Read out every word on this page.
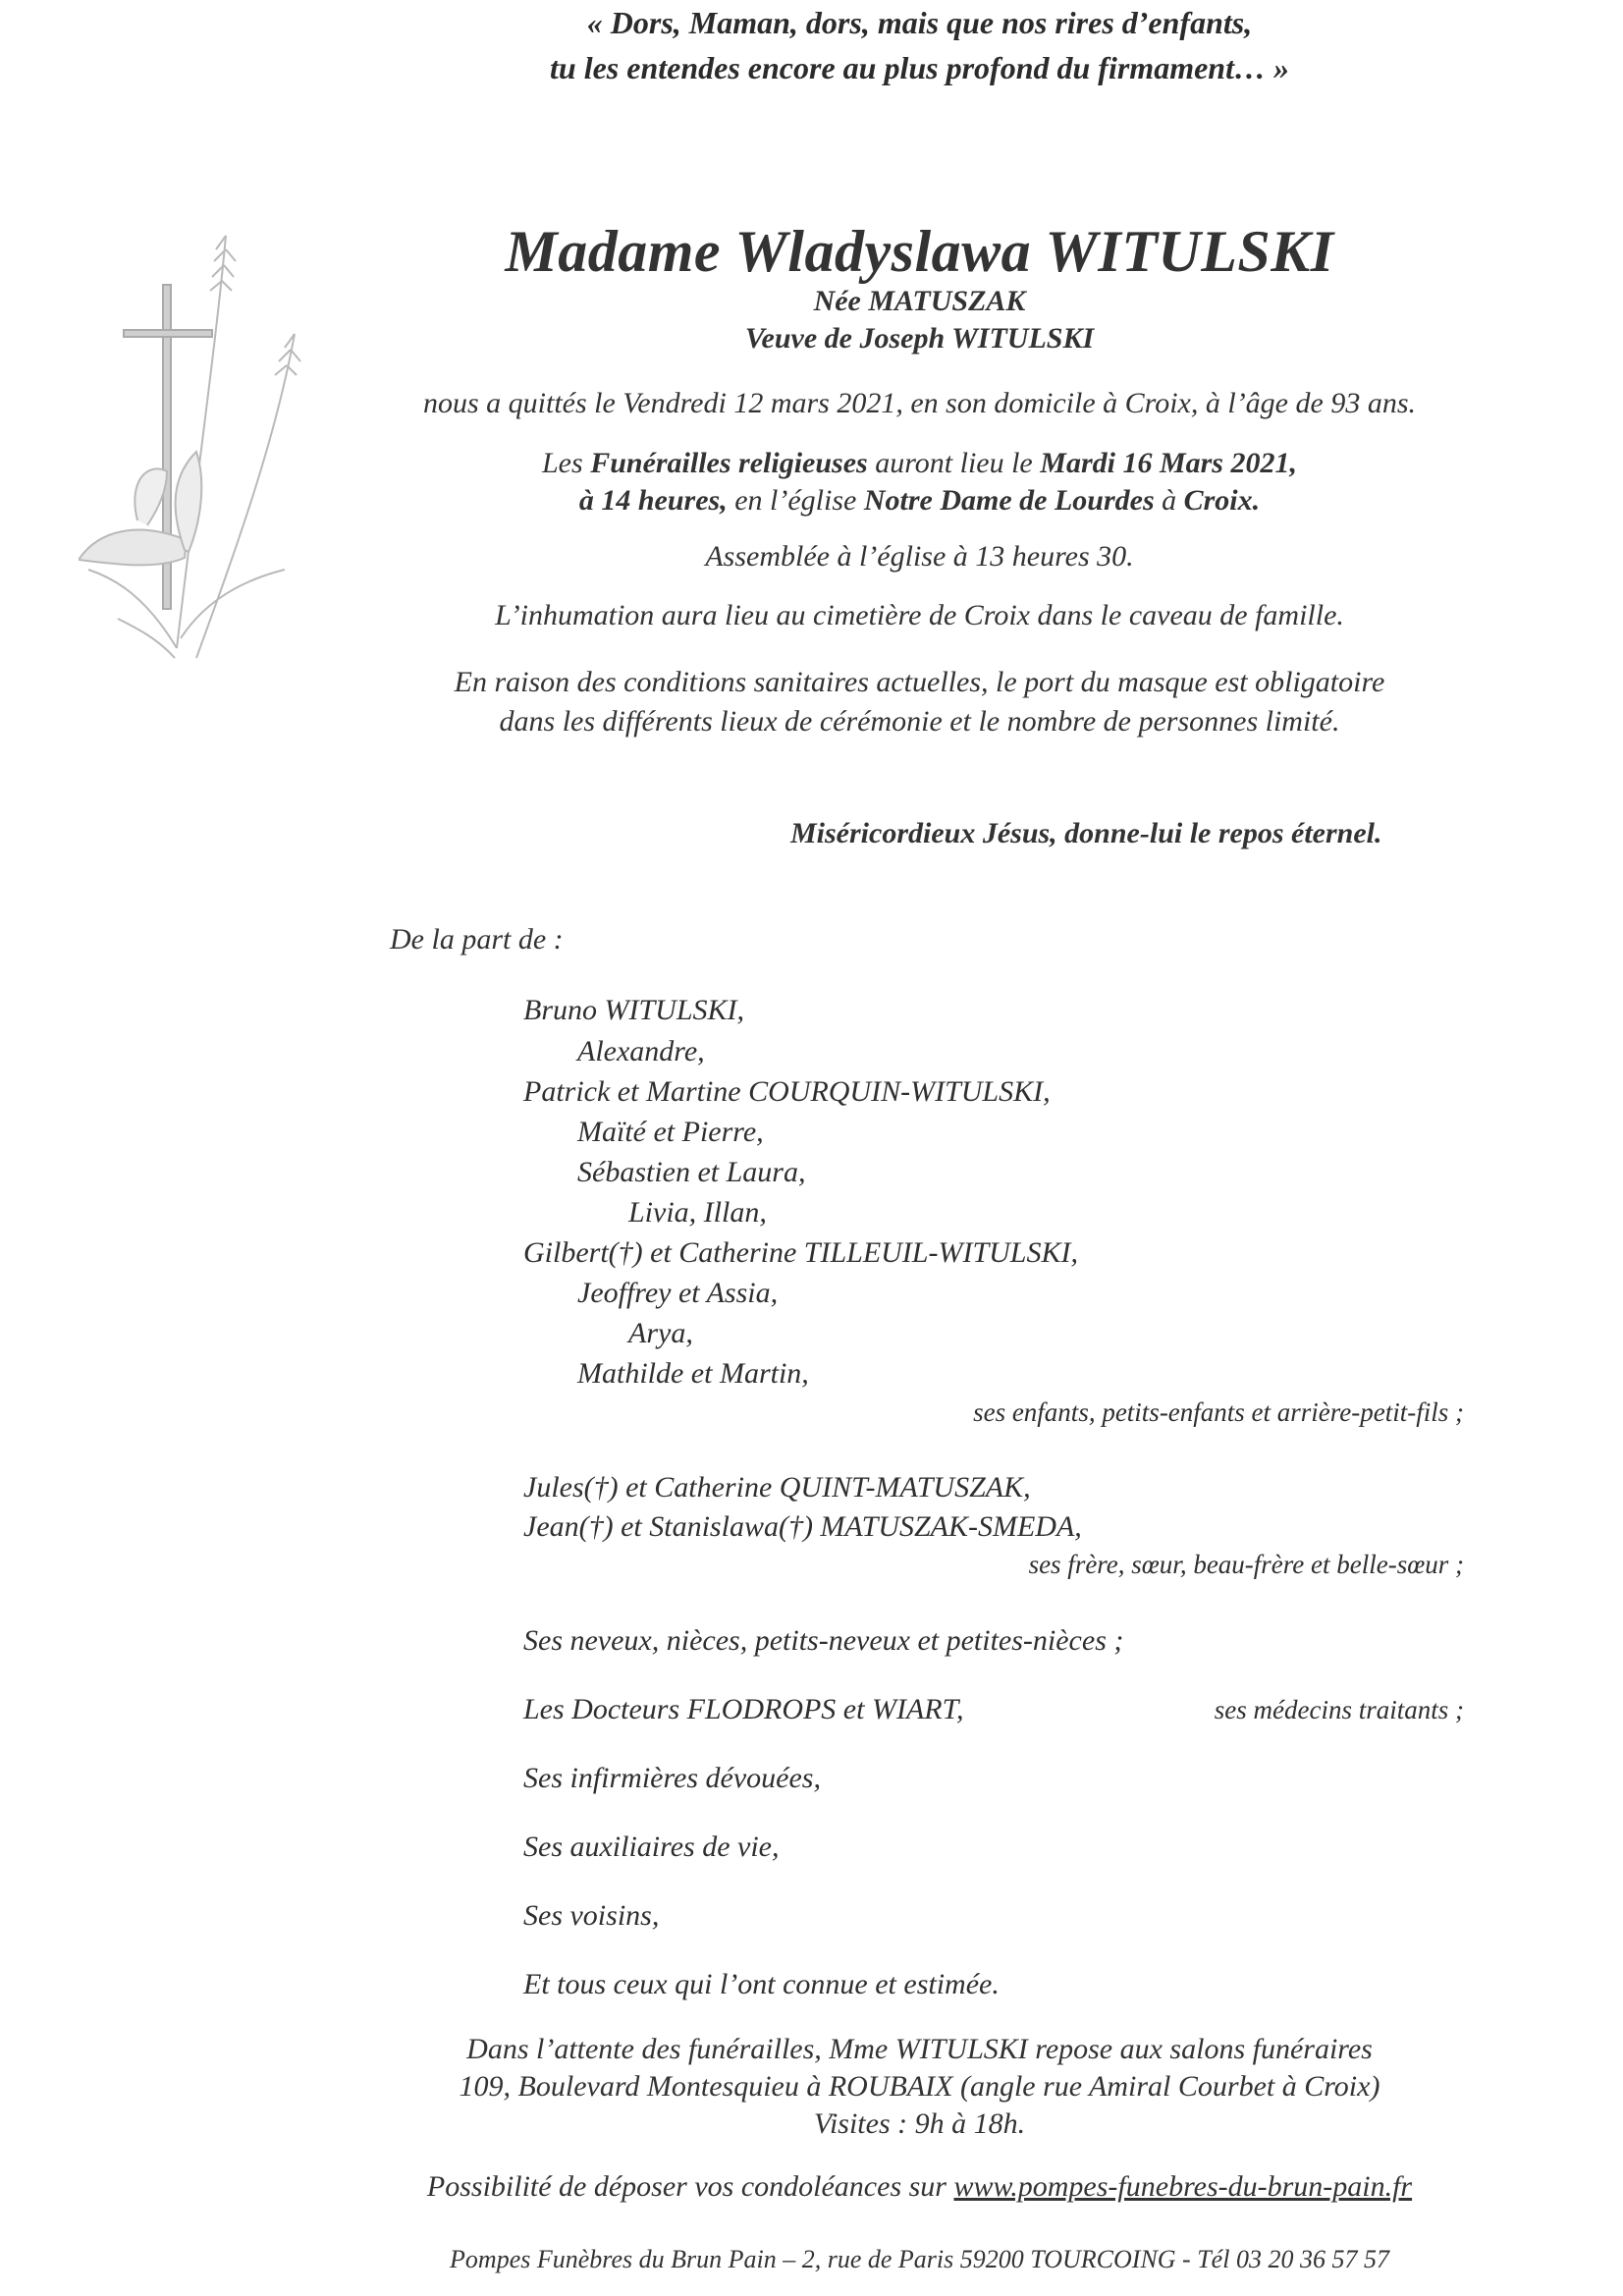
« Dors, Maman, dors, mais que nos rires d’enfants,
tu les entendes encore au plus profond du firmament… »
Madame Wladyslawa WITULSKI
Née MATUSZAK
Veuve de Joseph WITULSKI
nous a quittés le Vendredi 12 mars 2021, en son domicile à Croix, à l’âge de 93 ans.
Les Funérailles religieuses auront lieu le Mardi 16 Mars 2021,
à 14 heures, en l’église Notre Dame de Lourdes à Croix.
Assemblée à l’église à 13 heures 30.
L’inhumation aura lieu au cimetière de Croix dans le caveau de famille.
En raison des conditions sanitaires actuelles, le port du masque est obligatoire
dans les différents lieux de cérémonie et le nombre de personnes limité.
Miséricordieux Jésus, donne-lui le repos éternel.
De la part de :
Bruno WITULSKI,
Alexandre,
Patrick et Martine COURQUIN-WITULSKI,
Maïté et Pierre,
Sébastien et Laura,
Livia, Illan,
Gilbert(†) et Catherine TILLEUIL-WITULSKI,
Jeoffrey et Assia,
Arya,
Mathilde et Martin,
ses enfants, petits-enfants et arrière-petit-fils ;
Jules(†) et Catherine QUINT-MATUSZAK,
Jean(†) et Stanislawa(†) MATUSZAK-SMEDA,
ses frère, sœur, beau-frère et belle-sœur ;
Ses neveux, nièces, petits-neveux et petites-nièces ;
Les Docteurs FLODROPS et WIART,	ses médecins traitants ;
Ses infirmières dévouées,
Ses auxiliaires de vie,
Ses voisins,
Et tous ceux qui l’ont connue et estimée.
Dans l’attente des funérailles, Mme WITULSKI repose aux salons funéraires
109, Boulevard Montesquieu à ROUBAIX (angle rue Amiral Courbet à Croix)
Visites : 9h à 18h.
Possibilité de déposer vos condoléances sur www.pompes-funebres-du-brun-pain.fr
Pompes Funèbres du Brun Pain – 2, rue de Paris 59200 TOURCOING - Tél 03 20 36 57 57
